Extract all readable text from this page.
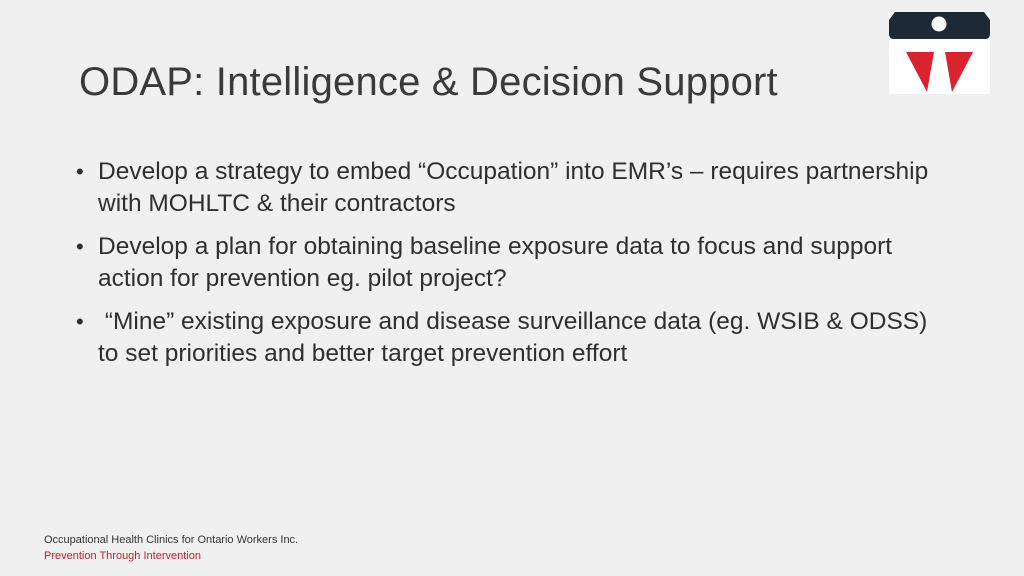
ODAP: Intelligence & Decision Support
• Develop a strategy to embed “Occupation” into EMR’s – requires partnership with MOHLTC & their contractors
• Develop a plan for obtaining baseline exposure data to focus and support action for prevention eg. pilot project?
• “Mine” existing exposure and disease surveillance data (eg. WSIB & ODSS) to set priorities and better target prevention effort
Occupational Health Clinics for Ontario Workers Inc.
Prevention Through Intervention
